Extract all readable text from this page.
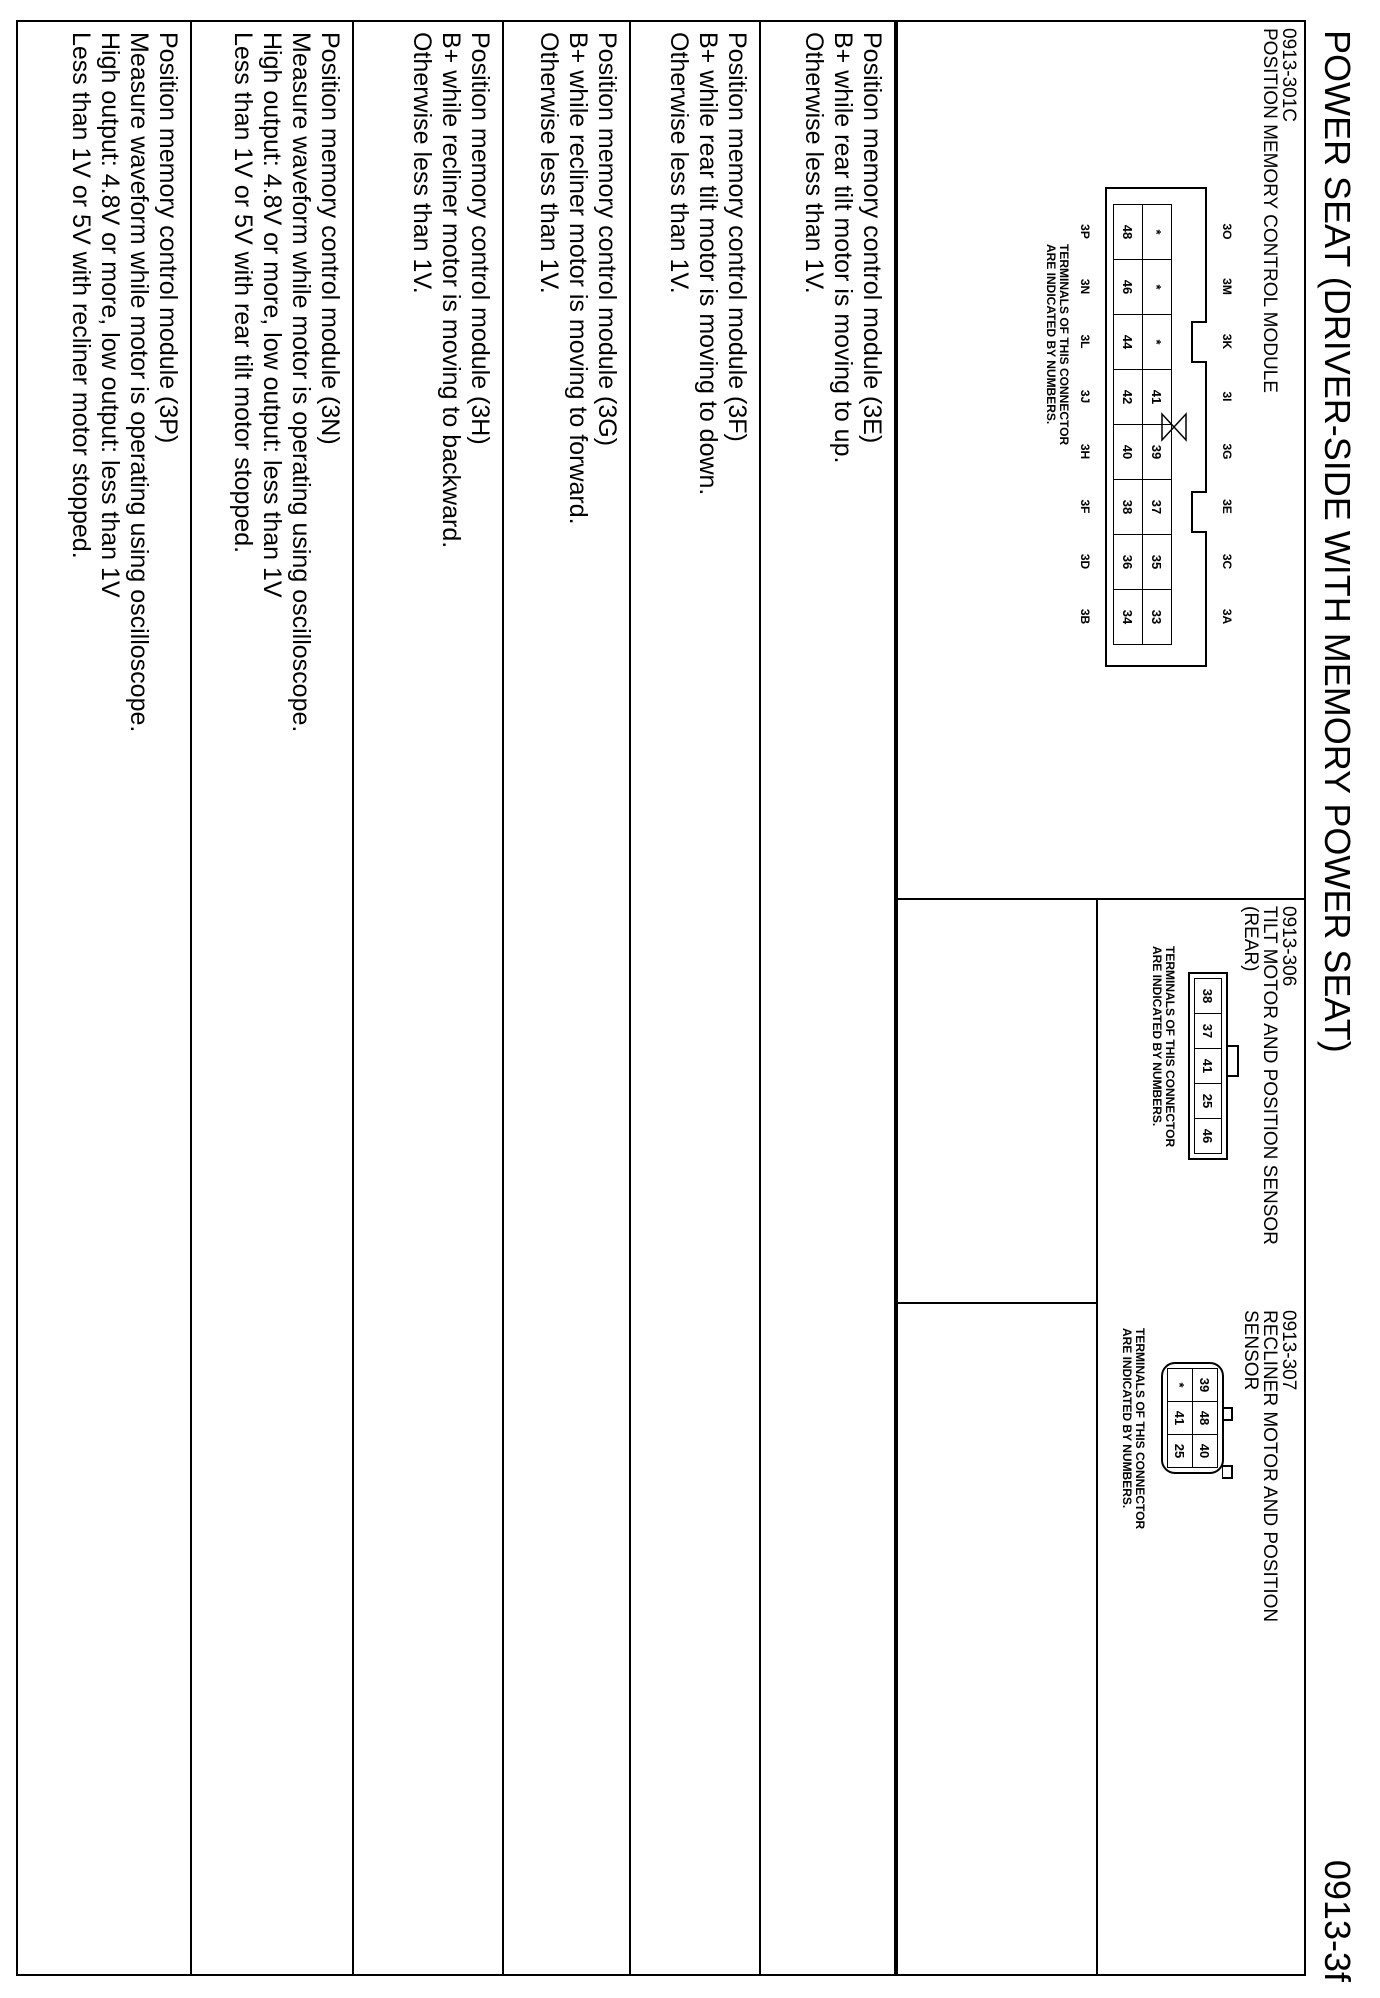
POWER SEAT (DRIVER-SIDE WITH MEMORY POWER SEAT)
0913-3f
0913-301C
POSITION MEMORY CONTROL MODULE
3O
3M
3K
3I
3G
3E
3C
3A
*	*	*	41	39	37	35	33
48	46	44	42	40	38	36	34
3P
3N
3L
3J
3H
3F
3D
3B
TERMINALS OF THIS CONNECTOR
ARE INDICATED BY NUMBERS.
0913-306
TILT MOTOR AND POSITION SENSOR
(REAR)
38	37	41	25	46
TERMINALS OF THIS CONNECTOR
ARE INDICATED BY NUMBERS.
0913-307
RECLINER MOTOR AND POSITION
SENSOR
39	48	40
*	41	25
TERMINALS OF THIS CONNECTOR
ARE INDICATED BY NUMBERS.
Position memory control module (3E)
B+ while rear tilt motor is moving to up.
Otherwise less than 1V.
Position memory control module (3F)
B+ while rear tilt motor is moving to down.
Otherwise less than 1V.
Position memory control module (3G)
B+ while recliner motor is moving to forward.
Otherwise less than 1V.
Position memory control module (3H)
B+ while recliner motor is moving to backward.
Otherwise less than 1V.
Position memory control module (3N)
Measure waveform while motor is operating using oscilloscope.
High output: 4.8V or more, low output: less than 1V
Less than 1V or 5V with rear tilt motor stopped.
Position memory control module (3P)
Measure waveform while motor is operating using oscilloscope.
High output: 4.8V or more, low output: less than 1V
Less than 1V or 5V with recliner motor stopped.
